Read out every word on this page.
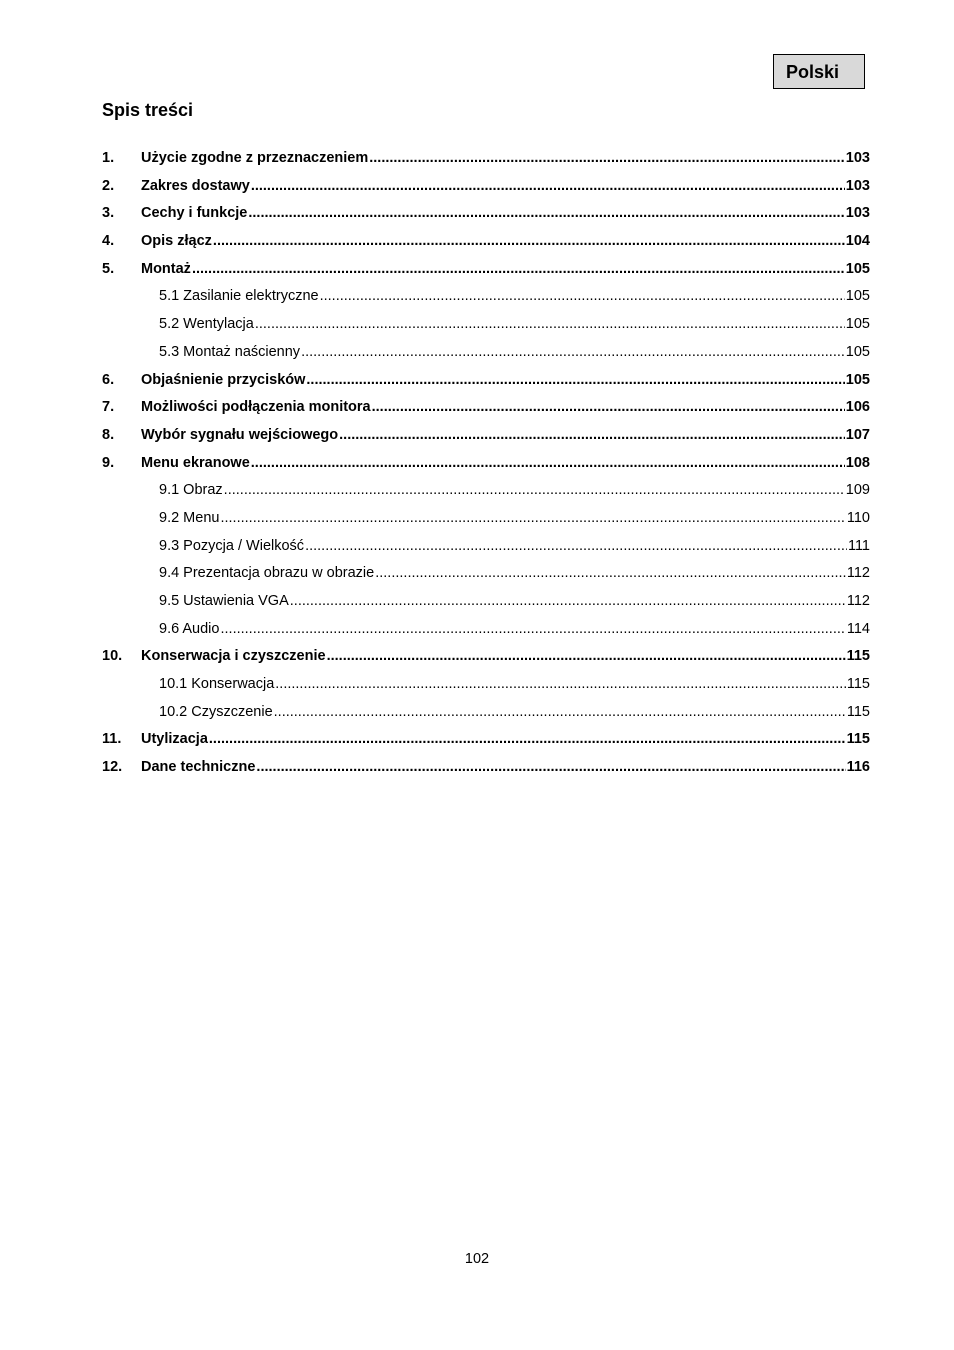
Polski
Spis treści
1.	Użycie zgodne z przeznaczeniem .....	103
2.	Zakres dostawy .....	103
3.	Cechy i funkcje .....	103
4.	Opis złącz .....	104
5.	Montaż .....	105
5.1 Zasilanie elektryczne .....	105
5.2 Wentylacja .....	105
5.3 Montaż naścienny .....	105
6.	Objaśnienie przycisków .....	105
7.	Możliwości podłączenia monitora .....	106
8.	Wybór sygnału wejściowego .....	107
9.	Menu ekranowe .....	108
9.1 Obraz .....	109
9.2 Menu .....	110
9.3 Pozycja / Wielkość .....	111
9.4 Prezentacja obrazu w obrazie .....	112
9.5 Ustawienia VGA .....	112
9.6 Audio .....	114
10.	Konserwacja i czyszczenie .....	115
10.1 Konserwacja .....	115
10.2 Czyszczenie .....	115
11.	Utylizacja .....	115
12.	Dane techniczne .....	116
102
